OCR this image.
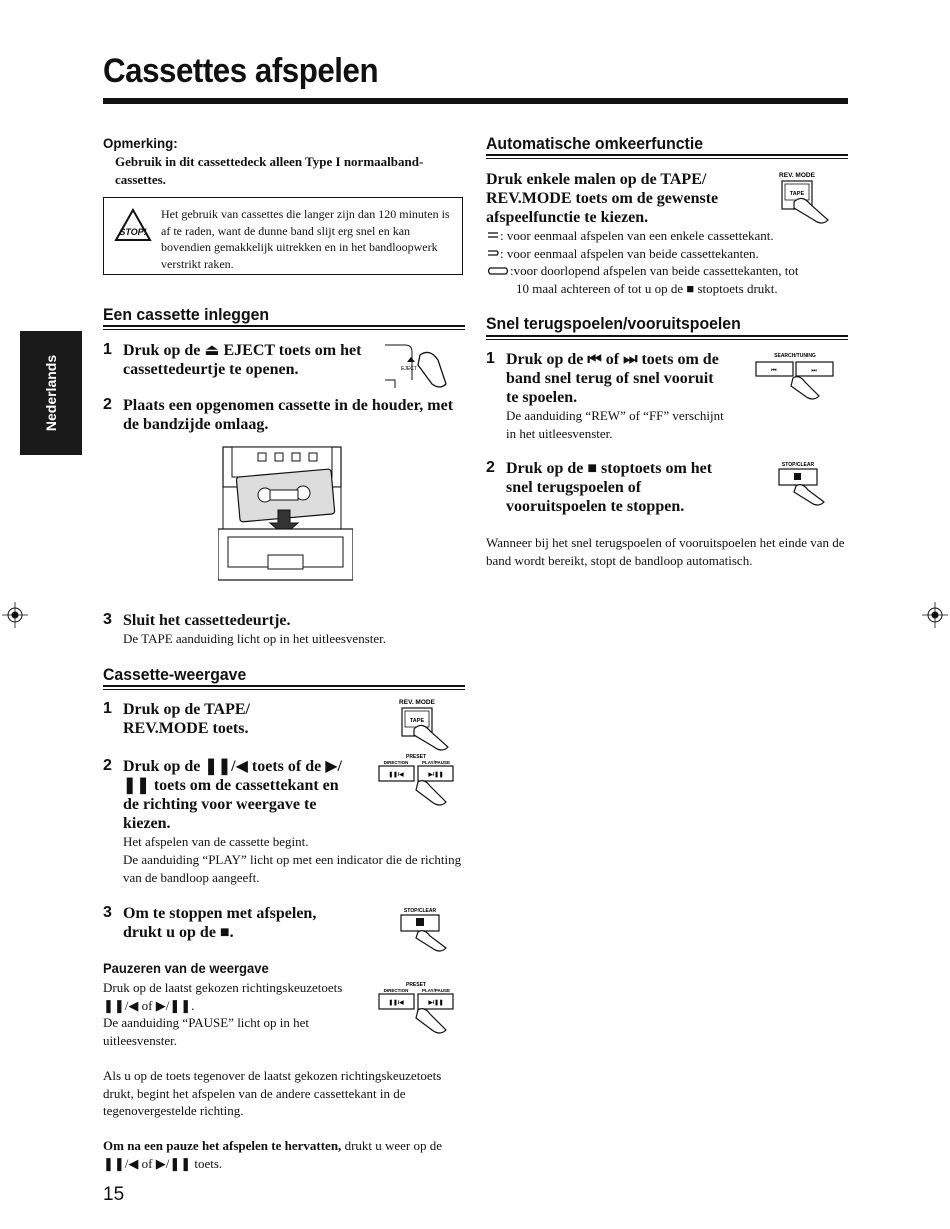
Cassettes afspelen
Nederlands
Opmerking:
Gebruik in dit cassettedeck alleen Type I normaalband-cassettes.
STOP!
Het gebruik van cassettes die langer zijn dan 120 minuten is af te raden, want de dunne band slijt erg snel en kan bovendien gemakkelijk uitrekken en in het bandloopwerk verstrikt raken.
Een cassette inleggen
1 Druk op de ⏏ EJECT toets om het cassettedeurtje te openen.	EJECT
2 Plaats een opgenomen cassette in de houder, met de bandzijde omlaag.
3 Sluit het cassettedeurtje.
De TAPE aanduiding licht op in het uitleesvenster.
Cassette-weergave
1 Druk op de TAPE/ REV.MODE toets.
REV. MODE
TAPE
2 Druk op de ❚❚/◀ toets of de ▶/❚❚ toets om de cassettekant en de richting voor weergave te kiezen.
PRESET
DIRECTION	PLAY/PAUSE
❚❚/◀	▶/❚❚
Het afspelen van de cassette begint.
De aanduiding “PLAY” licht op met een indicator die de richting van de bandloop aangeeft.
3 Om te stoppen met afspelen, drukt u op de ■.
STOP/CLEAR
Pauzeren van de weergave
Druk op de laatst gekozen richtingskeuzetoets ❚❚/◀ of ▶/❚❚.
De aanduiding “PAUSE” licht op in het uitleesvenster.
PRESET
DIRECTION	PLAY/PAUSE
❚❚/◀	▶/❚❚
Als u op de toets tegenover de laatst gekozen richtingskeuzetoets drukt, begint het afspelen van de andere cassettekant in de tegenovergestelde richting.
Om na een pauze het afspelen te hervatten, drukt u weer op de ❚❚/◀ of ▶/❚❚ toets.
Automatische omkeerfunctie
Druk enkele malen op de TAPE/ REV.MODE toets om de gewenste afspeelfunctie te kiezen.
REV. MODE
TAPE
: voor eenmaal afspelen van een enkele cassettekant.
: voor eenmaal afspelen van beide cassettekanten.
:voor doorlopend afspelen van beide cassettekanten, tot
10 maal achtereen of tot u op de ■ stoptoets drukt.
Snel terugspoelen/vooruitspoelen
1 Druk op de ⏮ of ⏭ toets om de band snel terug of snel vooruit te spoelen.
De aanduiding “REW” of “FF” verschijnt in het uitleesvenster.
SEARCH/TUNING
⏮	⏭
2 Druk op de ■ stoptoets om het snel terugspoelen of vooruitspoelen te stoppen.
STOP/CLEAR
Wanneer bij het snel terugspoelen of vooruitspoelen het einde van de band wordt bereikt, stopt de bandloop automatisch.
15
